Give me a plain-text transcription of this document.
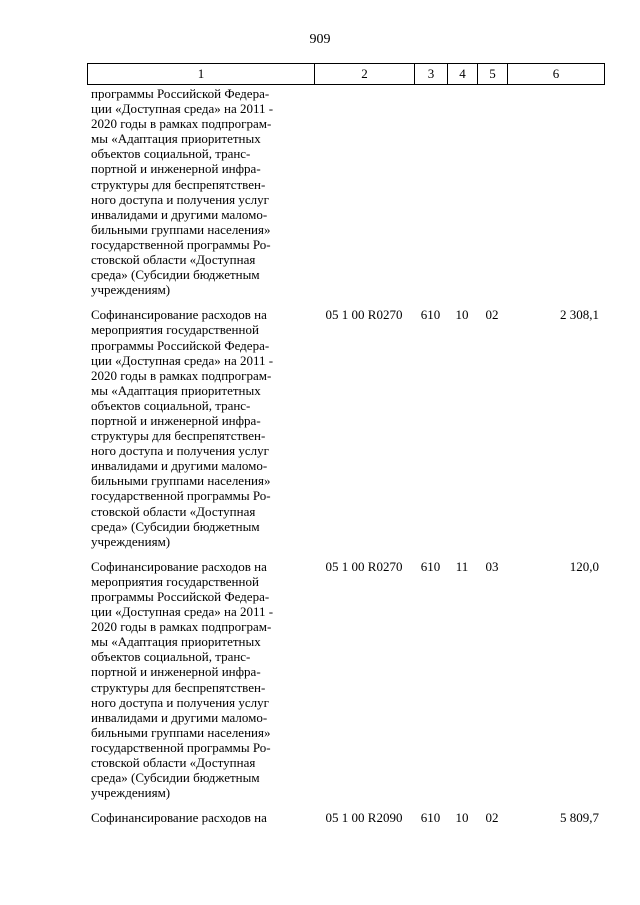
909
1	2	3	4	5	6
программы Российской Федера-
ции «Доступная среда» на 2011 -
2020 годы в рамках подпрограм-
мы «Адаптация приоритетных
объектов социальной, транс-
портной и инженерной инфра-
структуры для беспрепятствен-
ного доступа и получения услуг
инвалидами и другими маломо-
бильными группами населения»
государственной программы Ро-
стовской области «Доступная
среда» (Субсидии бюджетным
учреждениям)
Софинансирование расходов на
мероприятия государственной
программы Российской Федера-
ции «Доступная среда» на 2011 -
2020 годы в рамках подпрограм-
мы «Адаптация приоритетных
объектов социальной, транс-
портной и инженерной инфра-
структуры для беспрепятствен-
ного доступа и получения услуг
инвалидами и другими маломо-
бильными группами населения»
государственной программы Ро-
стовской области «Доступная
среда» (Субсидии бюджетным
учреждениям)
05 1 00 R0270	610	10	02	2 308,1
Софинансирование расходов на
мероприятия государственной
программы Российской Федера-
ции «Доступная среда» на 2011 -
2020 годы в рамках подпрограм-
мы «Адаптация приоритетных
объектов социальной, транс-
портной и инженерной инфра-
структуры для беспрепятствен-
ного доступа и получения услуг
инвалидами и другими маломо-
бильными группами населения»
государственной программы Ро-
стовской области «Доступная
среда» (Субсидии бюджетным
учреждениям)
05 1 00 R0270	610	11	03	120,0
Софинансирование расходов на	05 1 00 R2090	610	10	02	5 809,7
